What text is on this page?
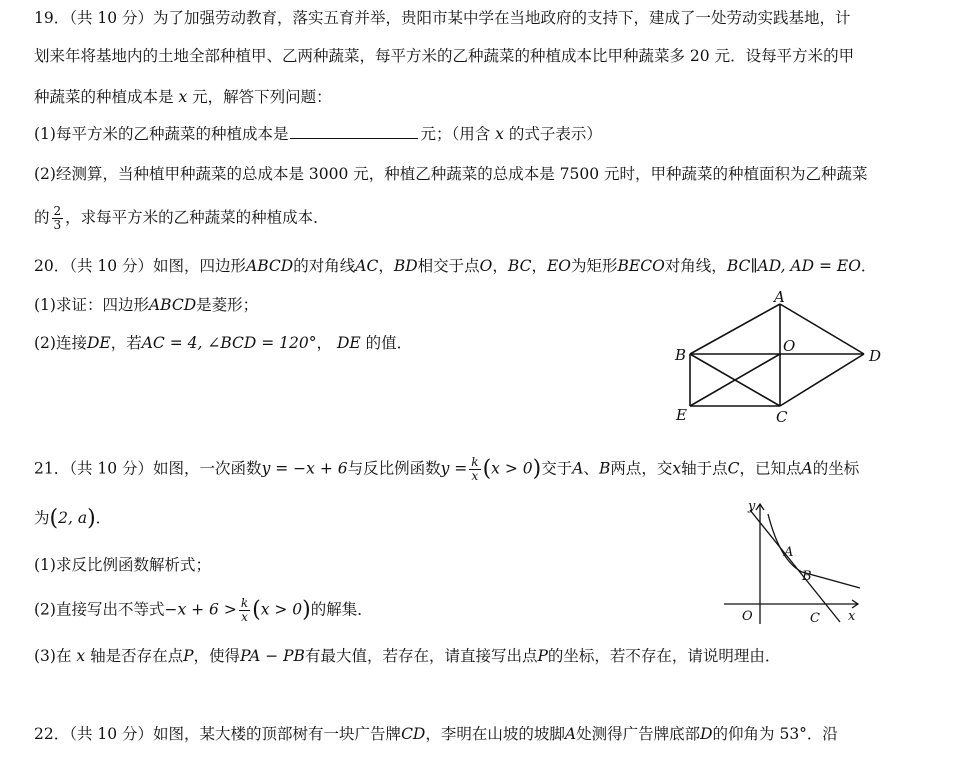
19．（共 10 分）为了加强劳动教育，落实五育并举，贵阳市某中学在当地政府的支持下，建成了一处劳动实践基地，计
划来年将基地内的土地全部种植甲、乙两种蔬菜，每平方米的乙种蔬菜的种植成本比甲种蔬菜多 20 元．设每平方米的甲
种蔬菜的种植成本是 x 元，解答下列问题：
(1)每平方米的乙种蔬菜的种植成本是	元；（用含 x 的式子表示）
(2)经测算，当种植甲种蔬菜的总成本是 3000 元，种植乙种蔬菜的总成本是 7500 元时，甲种蔬菜的种植面积为乙种蔬菜
的 $\frac{2}{3}$ ，求每平方米的乙种蔬菜的种植成本．
20．（共 10 分）如图，四边形ABCD的对角线AC，BD相交于点O，BC，EO为矩形BECO对角线，BC∥AD, AD = EO．
(1)求证：四边形ABCD是菱形；
(2)连接DE，若AC = 4, ∠BCD = 120°， DE 的值．
A
B	O
D
E	C
21．（共 10 分）如图，一次函数y = −x + 6与反比例函数$y = \frac{k}{x} (x > 0)$交于A、B两点，交x轴于点C，已知点A的坐标
为(2, a)．
(1)求反比例函数解析式；
(2)直接写出不等式$-x + 6 > \frac{k}{x} (x > 0)$的解集．
(3)在 x 轴是否存在点P，使得PA − PB有最大值，若存在，请直接写出点P的坐标，若不存在，请说明理由．
y
A
B
O	C x
22．（共 10 分）如图，某大楼的顶部树有一块广告牌CD，李明在山坡的坡脚A处测得广告牌底部D的仰角为 53°．沿
